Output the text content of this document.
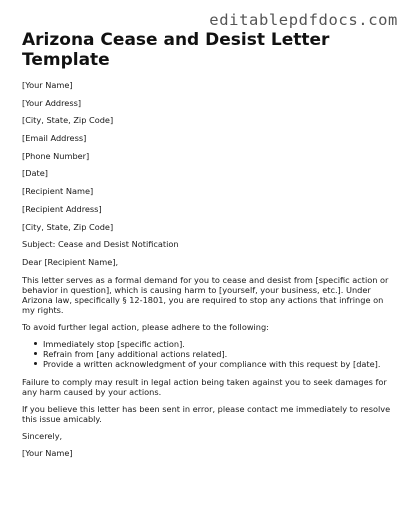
editablepdfdocs.com
Arizona Cease and Desist Letter Template
[Your Name]
[Your Address]
[City, State, Zip Code]
[Email Address]
[Phone Number]
[Date]
[Recipient Name]
[Recipient Address]
[City, State, Zip Code]
Subject: Cease and Desist Notification
Dear [Recipient Name],

This letter serves as a formal demand for you to cease and desist from [specific action or behavior in question], which is causing harm to [yourself, your business, etc.]. Under Arizona law, specifically § 12-1801, you are required to stop any actions that infringe on my rights.

To avoid further legal action, please adhere to the following:

Immediately stop [specific action].
Refrain from [any additional actions related].
Provide a written acknowledgment of your compliance with this request by [date].

Failure to comply may result in legal action being taken against you to seek damages for any harm caused by your actions.

If you believe this letter has been sent in error, please contact me immediately to resolve this issue amicably.

Sincerely,
[Your Name]
